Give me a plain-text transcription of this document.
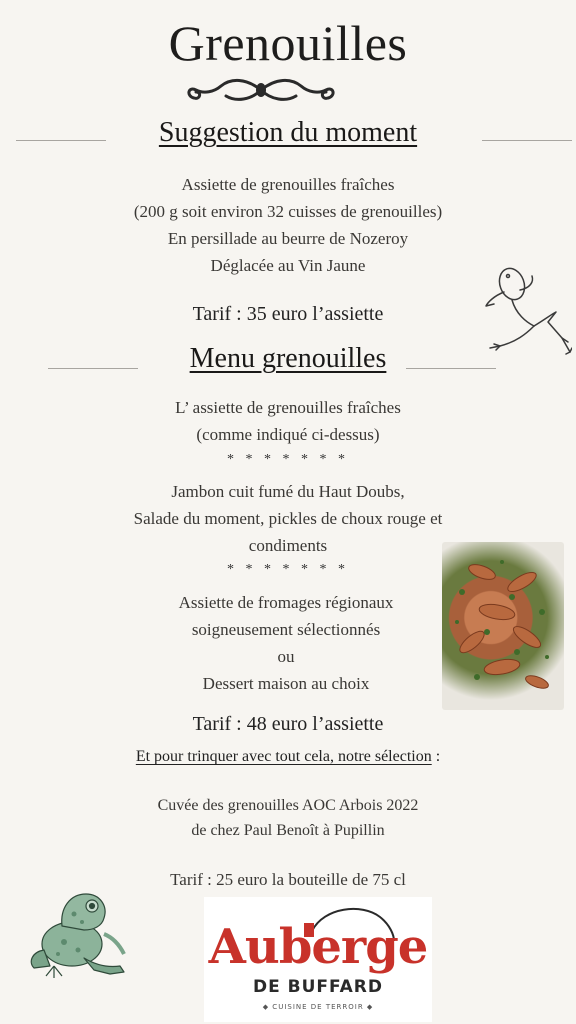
Grenouilles
Suggestion du moment
Assiette de grenouilles fraîches
(200 g soit environ 32 cuisses de grenouilles)
En persillade au beurre de Nozeroy
Déglacée au Vin Jaune
Tarif : 35 euro l’assiette
Menu grenouilles
L’ assiette de grenouilles fraîches
(comme indiqué ci-dessus)
* * * * * * *
Jambon cuit fumé du Haut Doubs,
Salade du moment, pickles de choux rouge et
condiments
* * * * * * *
Assiette de fromages régionaux
soigneusement sélectionnés
ou
Dessert maison au choix
Tarif : 48 euro l’assiette
Et pour trinquer avec tout cela, notre sélection :
Cuvée des grenouilles AOC Arbois 2022
de chez Paul Benoît à Pupillin
Tarif : 25 euro la bouteille de 75 cl
Auberge
DE BUFFARD
◆ CUISINE DE TERROIR ◆
